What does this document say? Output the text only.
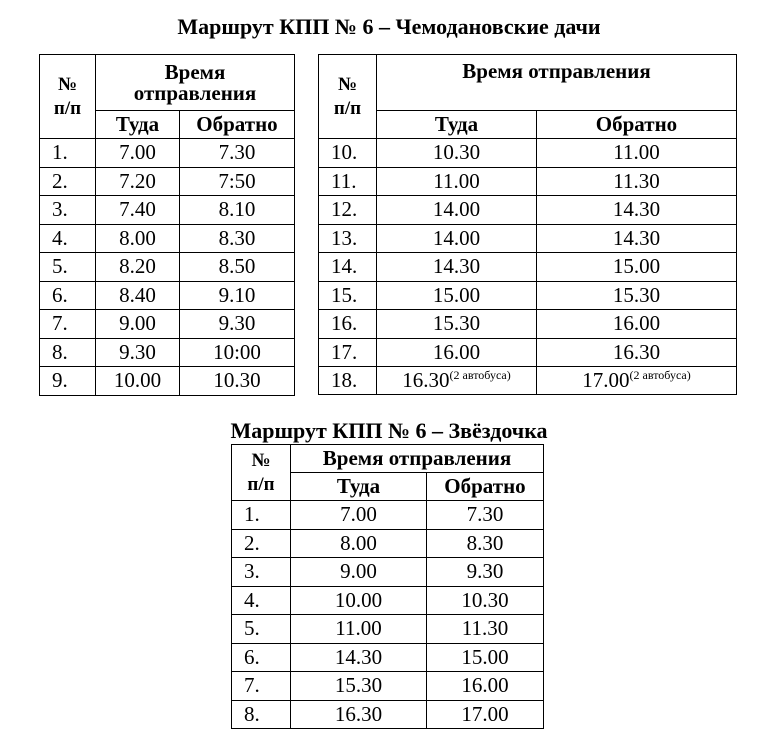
Маршрут КПП № 6 – Чемодановские дачи
№
п/п	Время
отправления	
	Туда	Обратно
1.	7.00	7.30
2.	7.20	7:50
3.	7.40	8.10
4.	8.00	8.30
5.	8.20	8.50
6.	8.40	9.10
7.	9.00	9.30
8.	9.30	10:00
9.	10.00	10.30
№
п/п	Время отправления	
	Туда	Обратно
10.	10.30	11.00
11.	11.00	11.30
12.	14.00	14.30
13.	14.00	14.30
14.	14.30	15.00
15.	15.00	15.30
16.	15.30	16.00
17.	16.00	16.30
18.	$16.30^{(2 автобуса)}$	$17.00^{(2 автобуса)}$
Маршрут КПП № 6 – Звёздочка
№
п/п	Время отправления	
	Туда	Обратно
1.	7.00	7.30
2.	8.00	8.30
3.	9.00	9.30
4.	10.00	10.30
5.	11.00	11.30
6.	14.30	15.00
7.	15.30	16.00
8.	16.30	17.00
